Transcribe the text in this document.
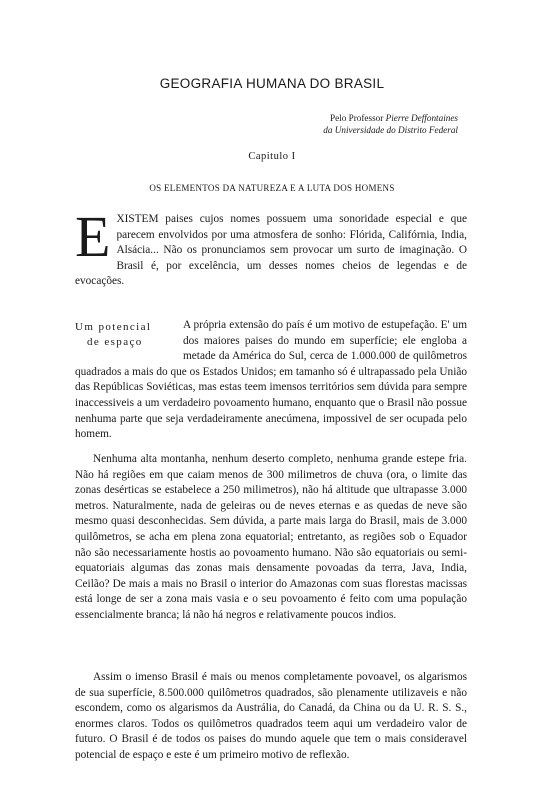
GEOGRAFIA HUMANA DO BRASIL
Pelo Professor Pierre Deffontaines
da Universidade do Distrito Federal
Capitulo I
OS ELEMENTOS DA NATUREZA E A LUTA DOS HOMENS
E XISTEM paises cujos nomes possuem uma sonoridade especial e que parecem envolvidos por uma atmosfera de sonho: Flórida, Califórnia, India, Alsácia... Não os pronunciamos sem provocar um surto de imaginação. O Brasil é, por excelência, um desses nomes cheios de legendas e de evocações.
Um potencial
de espaço
A própria extensão do país é um motivo de estupefação. E' um dos maiores paises do mundo em superfície; ele engloba a metade da América do Sul, cerca de 1.000.000 de quilômetros quadrados a mais do que os Estados Unidos; em tamanho só é ultrapassado pela União das Repúblicas Soviéticas, mas estas teem imensos territórios sem dúvida para sempre inaccessiveis a um verdadeiro povoamento humano, enquanto que o Brasil não possue nenhuma parte que seja verdadeiramente anecúmena, impossivel de ser ocupada pelo homem.
Nenhuma alta montanha, nenhum deserto completo, nenhuma grande estepe fria. Não há regiões em que caiam menos de 300 milimetros de chuva (ora, o limite das zonas desérticas se estabelece a 250 milimetros), não há altitude que ultrapasse 3.000 metros. Naturalmente, nada de geleiras ou de neves eternas e as quedas de neve são mesmo quasi desconhecidas. Sem dúvida, a parte mais larga do Brasil, mais de 3.000 quilômetros, se acha em plena zona equatorial; entretanto, as regiões sob o Equador não são necessariamente hostis ao povoamento humano. Não são equatoriais ou semi-equatoriais algumas das zonas mais densamente povoadas da terra, Java, India, Ceilão? De mais a mais no Brasil o interior do Amazonas com suas florestas macissas está longe de ser a zona mais vasia e o seu povoamento é feito com uma população essencialmente branca; lá não há negros e relativamente poucos indios.
Assim o imenso Brasil é mais ou menos completamente povoavel, os algarismos de sua superfície, 8.500.000 quilômetros quadrados, são plenamente utilizaveis e não escondem, como os algarismos da Austrália, do Canadá, da China ou da U. R. S. S., enormes claros. Todos os quilômetros quadrados teem aqui um verdadeiro valor de futuro. O Brasil é de todos os paises do mundo aquele que tem o mais consideravel potencial de espaço e este é um primeiro motivo de reflexão.
